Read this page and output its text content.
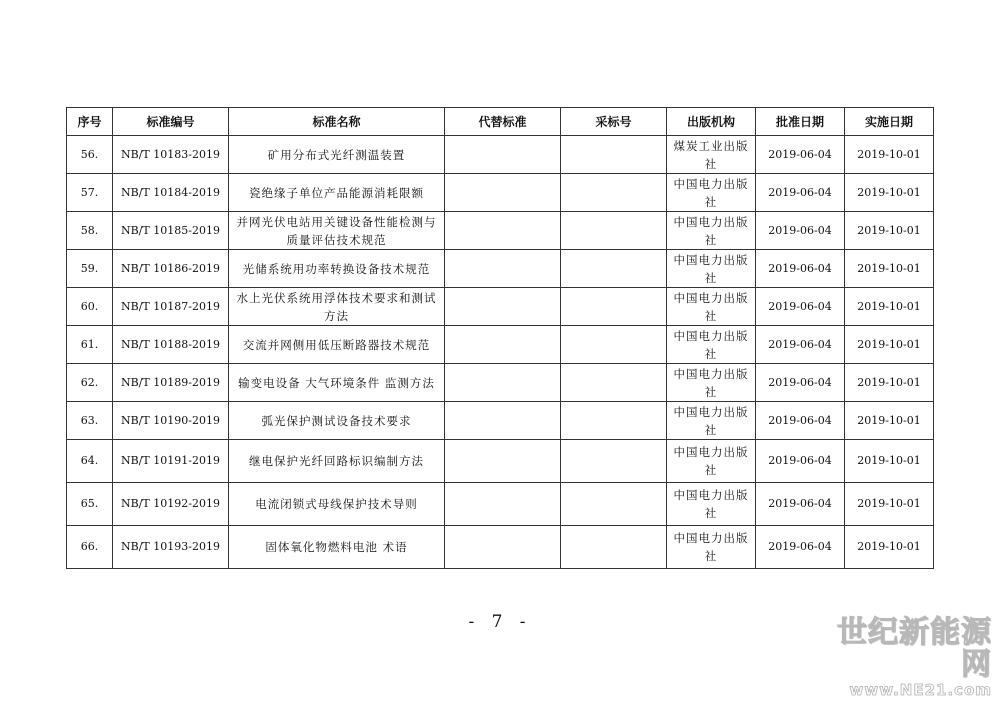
序号	标准编号	标准名称	代替标准	采标号	出版机构	批准日期	实施日期
56.	NB/T 10183-2019	矿用分布式光纤测温装置			煤炭工业出版社	2019-06-04	2019-10-01
57.	NB/T 10184-2019	瓷绝缘子单位产品能源消耗限额			中国电力出版社	2019-06-04	2019-10-01
58.	NB/T 10185-2019	并网光伏电站用关键设备性能检测与质量评估技术规范			中国电力出版社	2019-06-04	2019-10-01
59.	NB/T 10186-2019	光储系统用功率转换设备技术规范			中国电力出版社	2019-06-04	2019-10-01
60.	NB/T 10187-2019	水上光伏系统用浮体技术要求和测试方法			中国电力出版社	2019-06-04	2019-10-01
61.	NB/T 10188-2019	交流并网侧用低压断路器技术规范			中国电力出版社	2019-06-04	2019-10-01
62.	NB/T 10189-2019	输变电设备 大气环境条件 监测方法			中国电力出版社	2019-06-04	2019-10-01
63.	NB/T 10190-2019	弧光保护测试设备技术要求			中国电力出版社	2019-06-04	2019-10-01
64.	NB/T 10191-2019	继电保护光纤回路标识编制方法			中国电力出版社	2019-06-04	2019-10-01
65.	NB/T 10192-2019	电流闭锁式母线保护技术导则			中国电力出版社	2019-06-04	2019-10-01
66.	NB/T 10193-2019	固体氧化物燃料电池 术语			中国电力出版社	2019-06-04	2019-10-01
- 7 -	世纪新能源网
www.NE21.com
